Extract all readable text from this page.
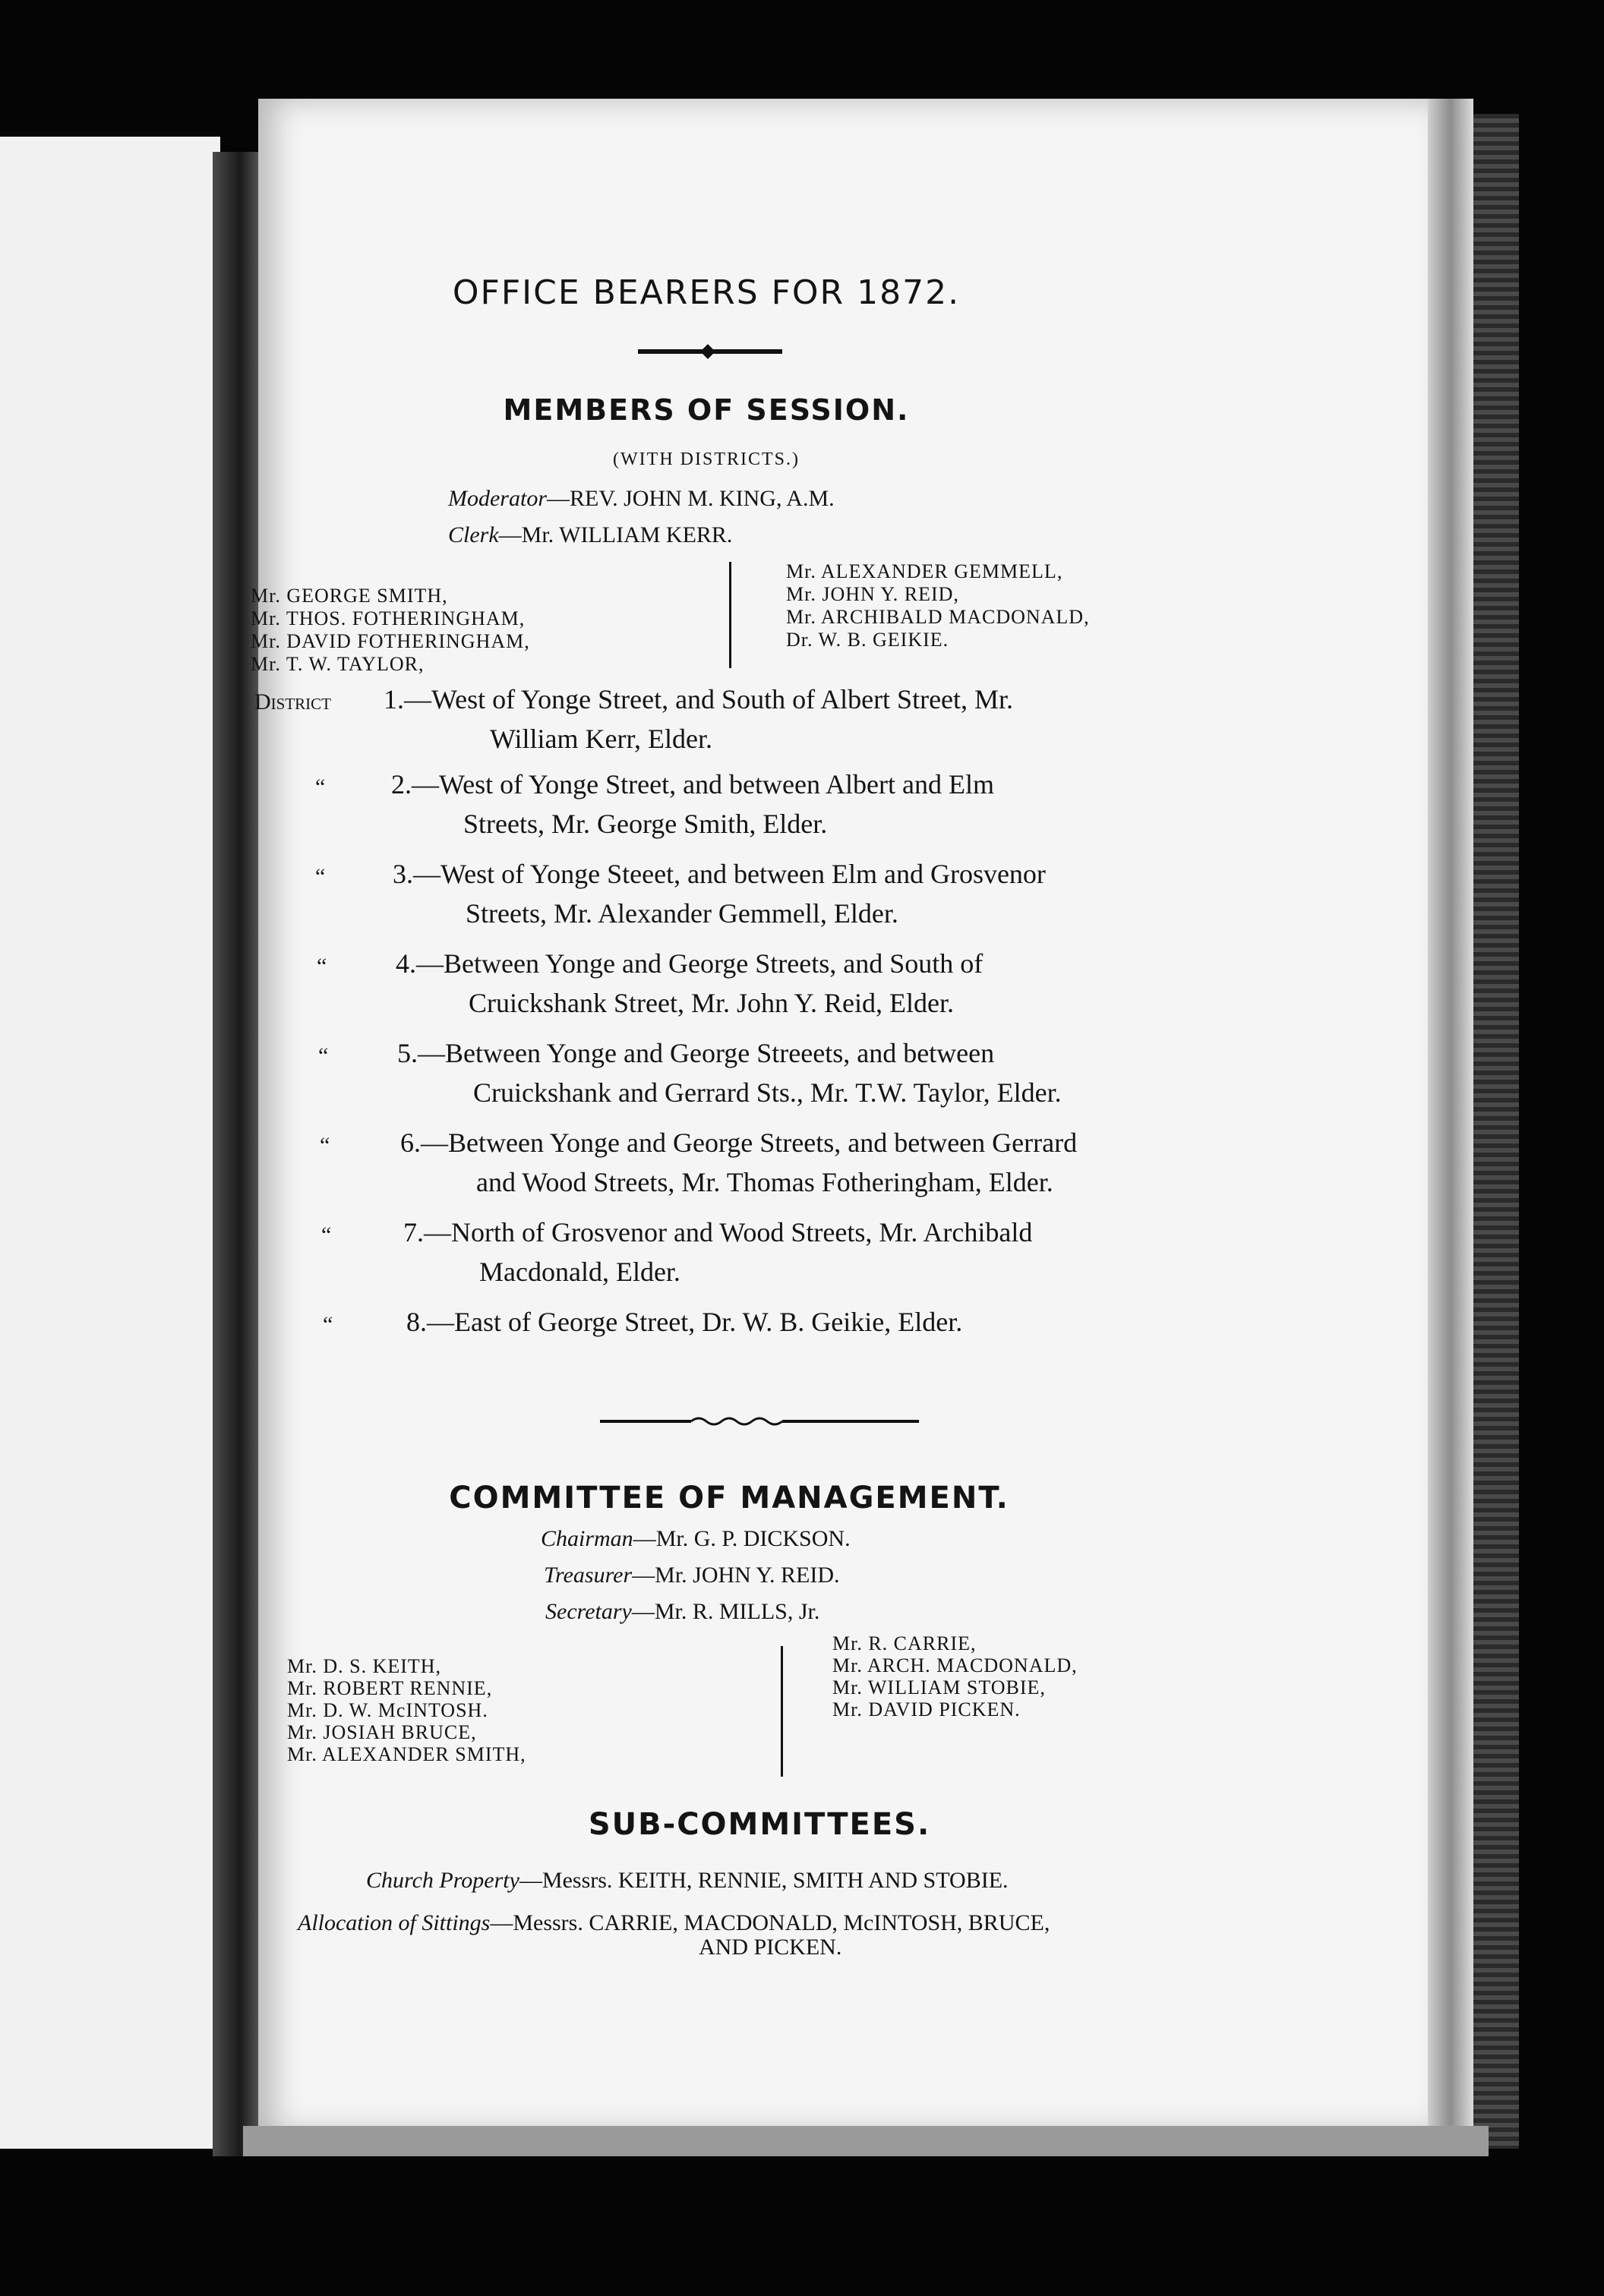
OFFICE BEARERS FOR 1872.
MEMBERS OF SESSION.
(WITH DISTRICTS.)
Moderator—REV. JOHN M. KING, A.M.
Clerk—Mr. WILLIAM KERR.
Mr. GEORGE SMITH,
Mr. THOS. FOTHERINGHAM,
Mr. DAVID FOTHERINGHAM,
Mr. T. W. TAYLOR,
Mr. ALEXANDER GEMMELL,
Mr. JOHN Y. REID,
Mr. ARCHIBALD MACDONALD,
Dr. W. B. GEIKIE.
District 1.—West of Yonge Street, and South of Albert Street, Mr.
William Kerr, Elder.
“ 2.—West of Yonge Street, and between Albert and Elm
Streets, Mr. George Smith, Elder.
“ 3.—West of Yonge Steeet, and between Elm and Grosvenor
Streets, Mr. Alexander Gemmell, Elder.
“	4.—Between Yonge and George Streets, and South of
Cruickshank Street, Mr. John Y. Reid, Elder.
“	5.—Between Yonge and George Streeets, and between
Cruickshank and Gerrard Sts., Mr. T.W. Taylor, Elder.
“	6.—Between Yonge and George Streets, and between Gerrard
and Wood Streets, Mr. Thomas Fotheringham, Elder.
“	7.—North of Grosvenor and Wood Streets, Mr. Archibald
Macdonald, Elder.
“	8.—East of George Street, Dr. W. B. Geikie, Elder.
COMMITTEE OF MANAGEMENT.
Chairman—Mr. G. P. DICKSON.
Treasurer—Mr. JOHN Y. REID.
Secretary—Mr. R. MILLS, Jr.
Mr. D. S. KEITH,
Mr. ROBERT RENNIE,
Mr. D. W. McINTOSH.
Mr. JOSIAH BRUCE,
Mr. ALEXANDER SMITH,
Mr. R. CARRIE,
Mr. ARCH. MACDONALD,
Mr. WILLIAM STOBIE,
Mr. DAVID PICKEN.
SUB-COMMITTEES.
Church Property—Messrs. KEITH, RENNIE, SMITH AND STOBIE.
Allocation of Sittings—Messrs. CARRIE, MACDONALD, McINTOSH, BRUCE,
AND PICKEN.
